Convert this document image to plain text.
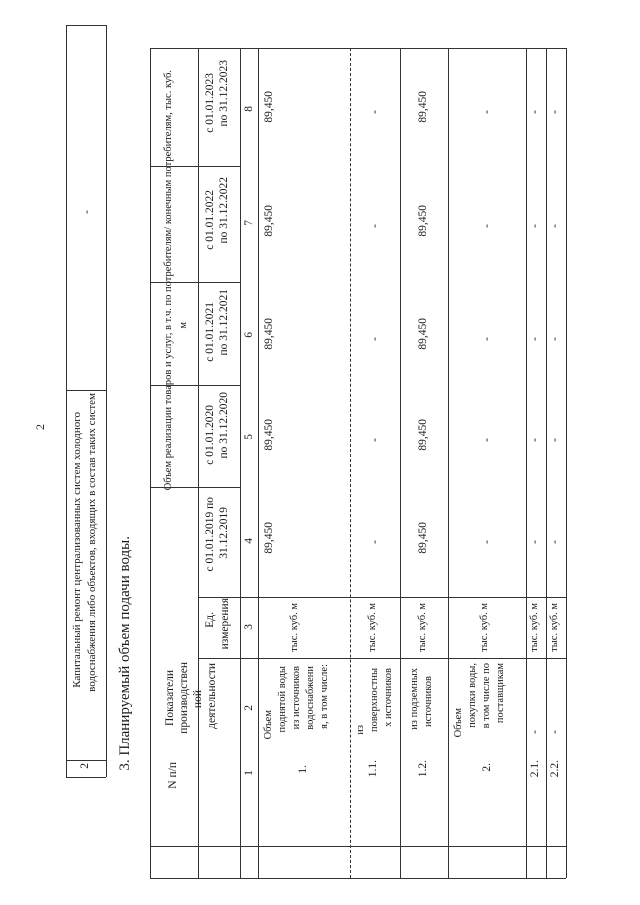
2
2
Капитальный ремонт централизованных систем холодного водоснабжения либо объектов, входящих в состав таких систем
-
3. Планируемый объем подачи воды.
N п/п
Показатели производствен ной деятельности
Ед. измерения
Объем реализации товаров и услуг, в т.ч. по потребителям/ конечным потребителям, тыс. куб. м
с 01.01.2019 по 31.12.2019
с 01.01.2020 по 31.12.2020
с 01.01.2021 по 31.12.2021
с 01.01.2022 по 31.12.2022
с 01.01.2023 по 31.12.2023
1
2
3
4
5
6
7
8
1.
Объем поднятой воды из источников водоснабжени я, в том числе:
тыс. куб. м
89,450
89,450
89,450
89,450
89,450
1.1.
из поверхностны х источников
тыс. куб. м
-
-
-
-
-
1.2.
из подземных источников
тыс. куб. м
89,450
89,450
89,450
89,450
89,450
2.
Объем покупки воды, в том числе по поставщикам
тыс. куб. м
-
-
-
-
-
2.1.
-
тыс. куб. м
-
-
-
-
-
2.2.
-
тыс. куб. м
-
-
-
-
-
